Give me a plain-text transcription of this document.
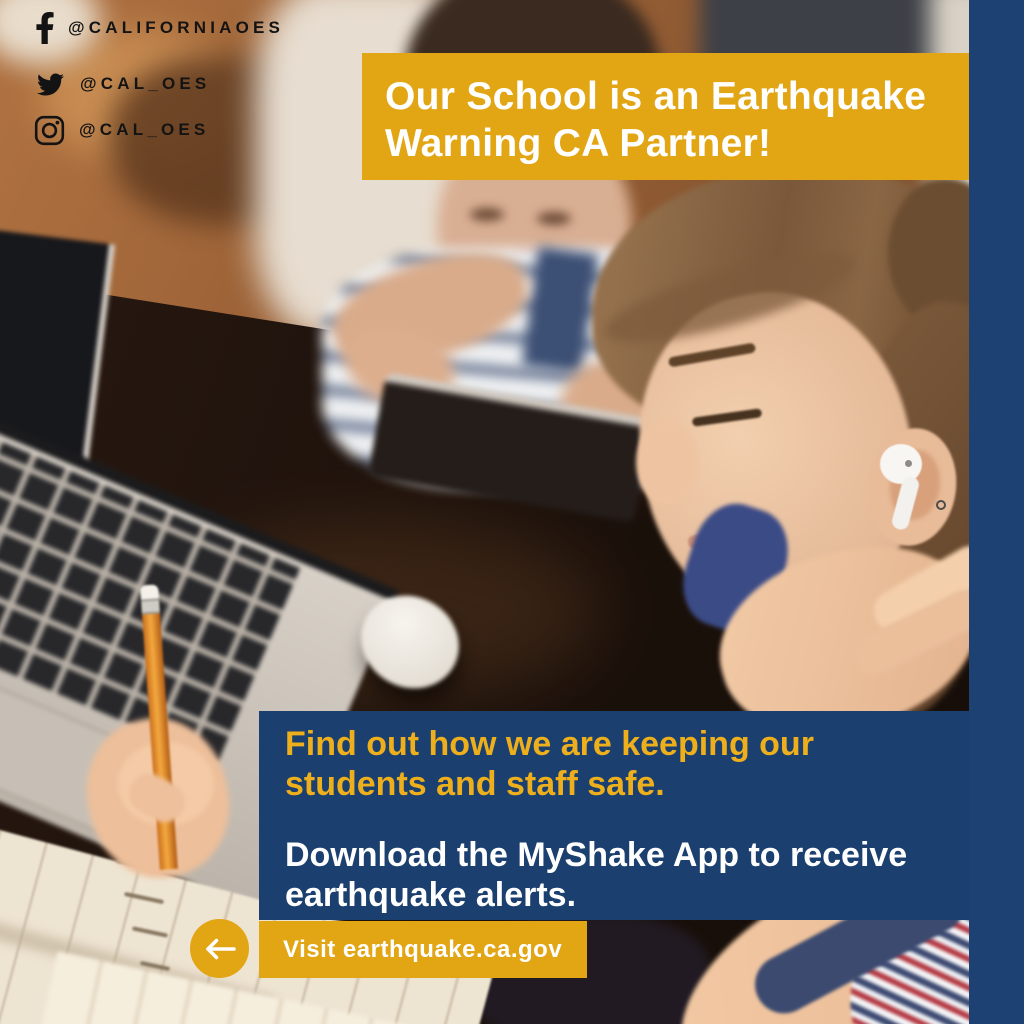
@CALIFORNIAOES
@CAL_OES
@CAL_OES
Our School is an Earthquake
Warning CA Partner!
Find out how we are keeping our
students and staff safe.
Download the MyShake App to receive
earthquake alerts.
Visit earthquake.ca.gov
